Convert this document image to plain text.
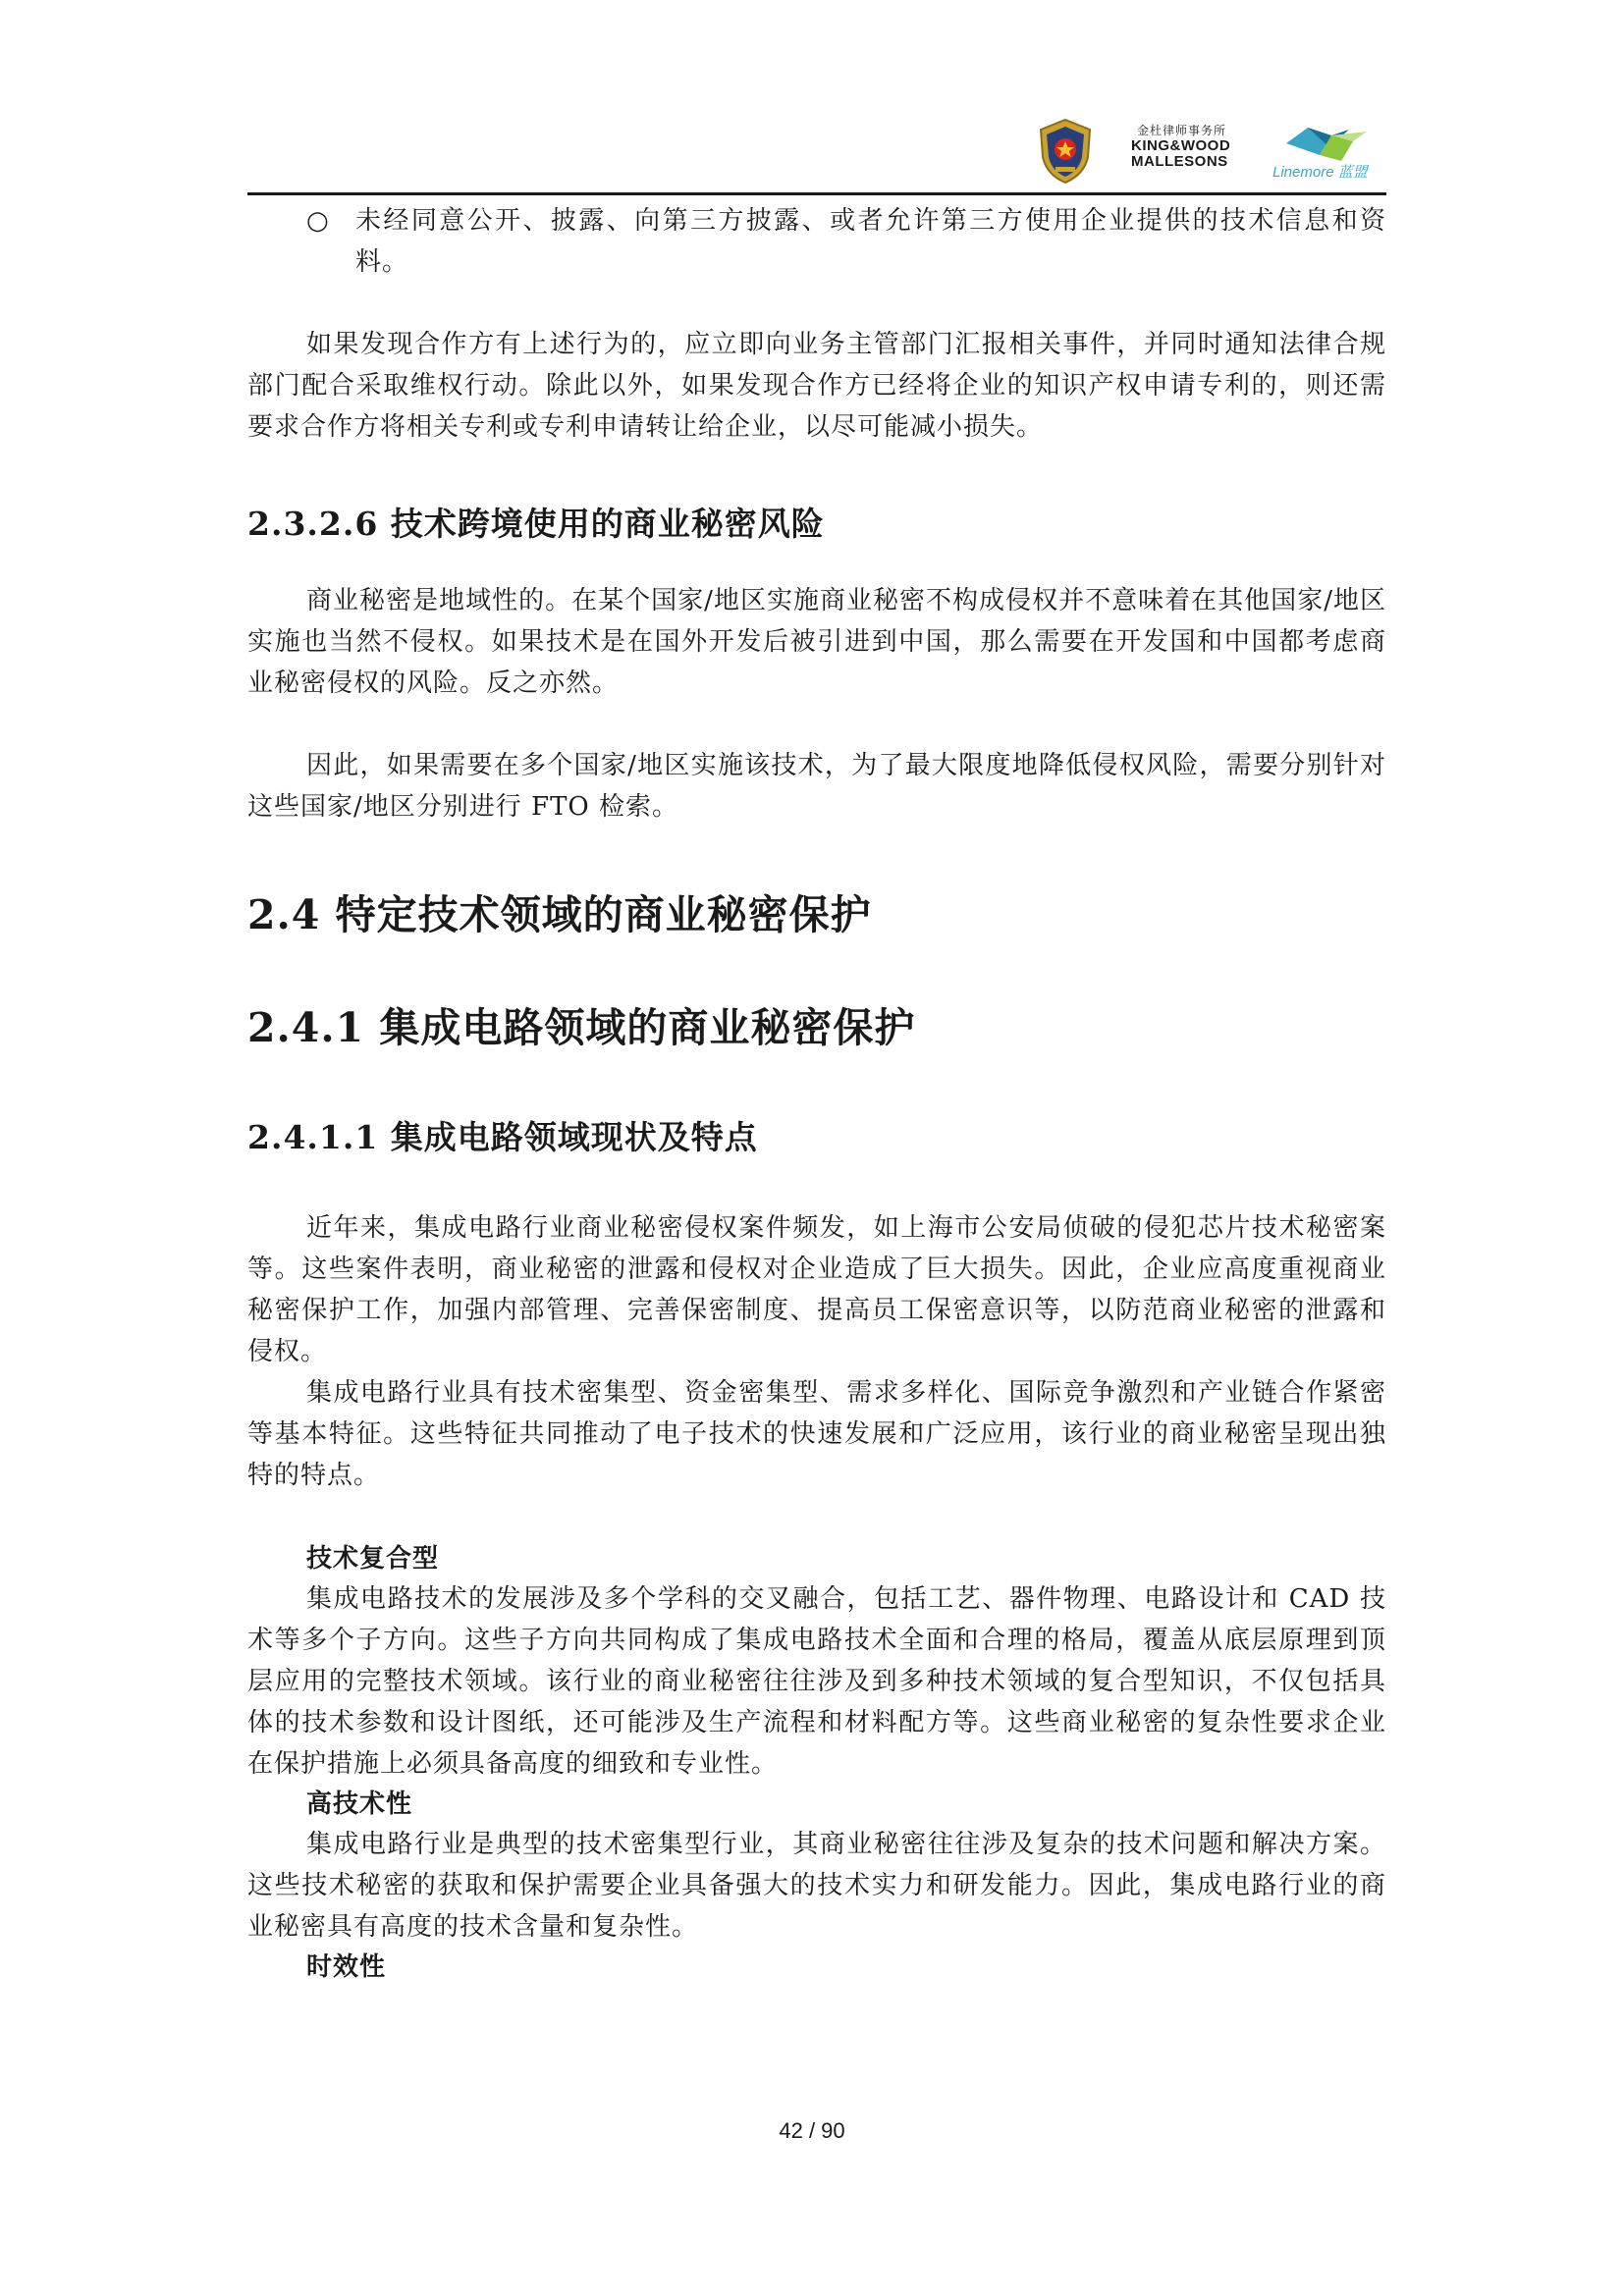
金杜律师事务所
KING&WOOD
MALLESONS
Linemore 蓝盟
○ 未经同意公开、披露、向第三方披露、或者允许第三方使用企业提供的技术信息和资料。

如果发现合作方有上述行为的，应立即向业务主管部门汇报相关事件，并同时通知法律合规部门配合采取维权行动。除此以外，如果发现合作方已经将企业的知识产权申请专利的，则还需要求合作方将相关专利或专利申请转让给企业，以尽可能减小损失。

2.3.2.6 技术跨境使用的商业秘密风险

商业秘密是地域性的。在某个国家/地区实施商业秘密不构成侵权并不意味着在其他国家/地区实施也当然不侵权。如果技术是在国外开发后被引进到中国，那么需要在开发国和中国都考虑商业秘密侵权的风险。反之亦然。

因此，如果需要在多个国家/地区实施该技术，为了最大限度地降低侵权风险，需要分别针对这些国家/地区分别进行 FTO 检索。

2.4 特定技术领域的商业秘密保护
2.4.1 集成电路领域的商业秘密保护
2.4.1.1 集成电路领域现状及特点

近年来，集成电路行业商业秘密侵权案件频发，如上海市公安局侦破的侵犯芯片技术秘密案等。这些案件表明，商业秘密的泄露和侵权对企业造成了巨大损失。因此，企业应高度重视商业秘密保护工作，加强内部管理、完善保密制度、提高员工保密意识等，以防范商业秘密的泄露和侵权。

集成电路行业具有技术密集型、资金密集型、需求多样化、国际竞争激烈和产业链合作紧密等基本特征。这些特征共同推动了电子技术的快速发展和广泛应用，该行业的商业秘密呈现出独特的特点。

技术复合型

集成电路技术的发展涉及多个学科的交叉融合，包括工艺、器件物理、电路设计和 CAD 技术等多个子方向。这些子方向共同构成了集成电路技术全面和合理的格局，覆盖从底层原理到顶层应用的完整技术领域。该行业的商业秘密往往涉及到多种技术领域的复合型知识，不仅包括具体的技术参数和设计图纸，还可能涉及生产流程和材料配方等。这些商业秘密的复杂性要求企业在保护措施上必须具备高度的细致和专业性。

高技术性

集成电路行业是典型的技术密集型行业，其商业秘密往往涉及复杂的技术问题和解决方案。这些技术秘密的获取和保护需要企业具备强大的技术实力和研发能力。因此，集成电路行业的商业秘密具有高度的技术含量和复杂性。

时效性

42 / 90
